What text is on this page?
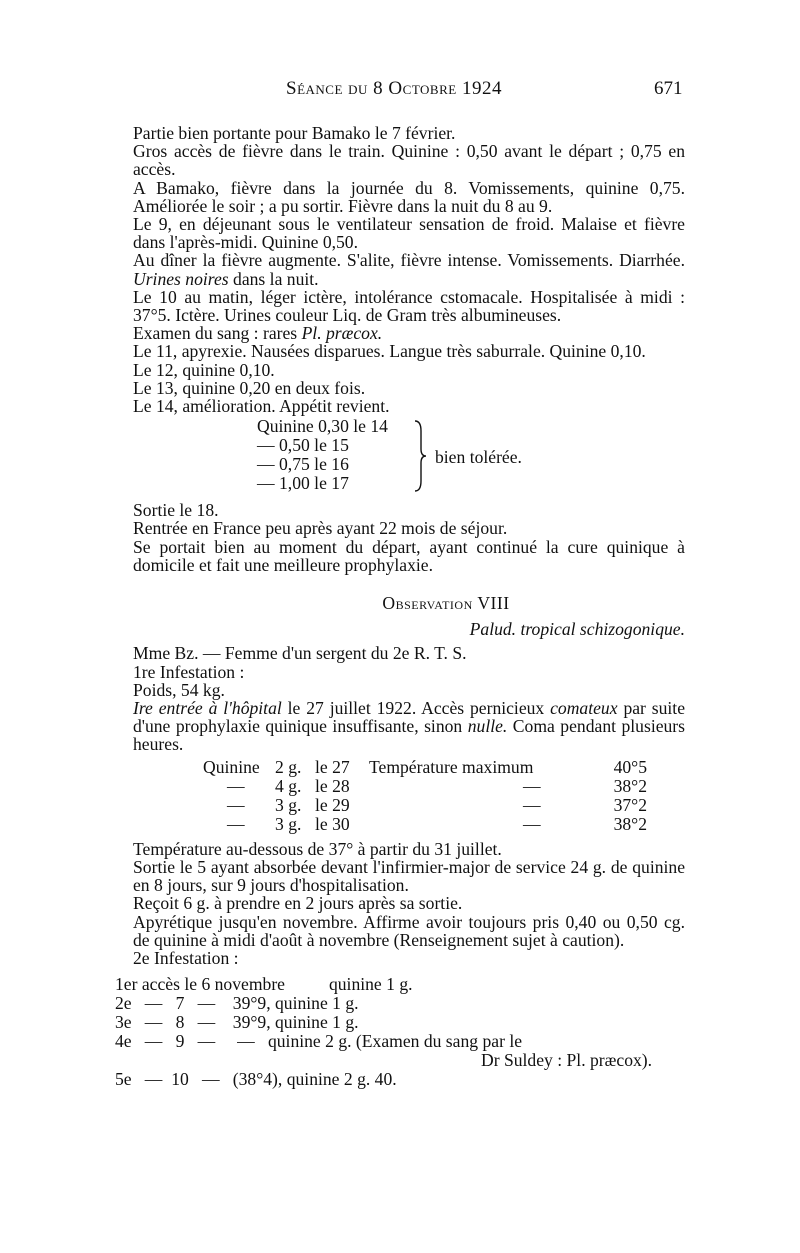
Séance du 8 Octobre 1924	671

Partie bien portante pour Bamako le 7 février.

Gros accès de fièvre dans le train. Quinine : 0,50 avant le départ ; 0,75 en accès.

A Bamako, fièvre dans la journée du 8. Vomissements, quinine 0,75. Améliorée le soir ; a pu sortir. Fièvre dans la nuit du 8 au 9.

Le 9, en déjeunant sous le ventilateur sensation de froid. Malaise et fièvre dans l'après-midi. Quinine 0,50.

Au dîner la fièvre augmente. S'alite, fièvre intense. Vomissements. Diarrhée. Urines noires dans la nuit.

Le 10 au matin, léger ictère, intolérance cstomacale. Hospitalisée à midi : 37°5. Ictère. Urines couleur Liq. de Gram très albumineuses.

Examen du sang : rares Pl. præcox.

Le 11, apyrexie. Nausées disparues. Langue très saburrale. Quinine 0,10.

Le 12, quinine 0,10.

Le 13, quinine 0,20 en deux fois.

Le 14, amélioration. Appétit revient.

Quinine 0,30 le 14
— 0,50 le 15
— 0,75 le 16
— 1,00 le 17
bien tolérée.

Sortie le 18.

Rentrée en France peu après ayant 22 mois de séjour.

Se portait bien au moment du départ, ayant continué la cure quinique à domicile et fait une meilleure prophylaxie.

Observation VIII

Palud. tropical schizogonique.

Mme Bz. — Femme d'un sergent du 2e R. T. S.

1re Infestation :

Poids, 54 kg.

Ire entrée à l'hôpital le 27 juillet 1922. Accès pernicieux comateux par suite d'une prophylaxie quinique insuffisante, sinon nulle. Coma pendant plusieurs heures.

Quinine 2 g. le 27 Température maximum	40°5
— 4 g. le 28	—	38°2
— 3 g. le 29	—	37°2
— 3 g. le 30	—	38°2

Température au-dessous de 37° à partir du 31 juillet.

Sortie le 5 ayant absorbée devant l'infirmier-major de service 24 g. de quinine en 8 jours, sur 9 jours d'hospitalisation.

Reçoit 6 g. à prendre en 2 jours après sa sortie.

Apyrétique jusqu'en novembre. Affirme avoir toujours pris 0,40 ou 0,50 cg. de quinine à midi d'août à novembre (Renseignement sujet à caution).

2e Infestation :

1er accès le 6 novembre          quinine 1 g.
2e   —   7   —    39°9, quinine 1 g.
3e   —   8   —    39°9, quinine 1 g.
4e   —   9   —     —   quinine 2 g. (Examen du sang par le
Dr Suldey : Pl. præcox).
5e   —  10   —   (38°4), quinine 2 g. 40.
